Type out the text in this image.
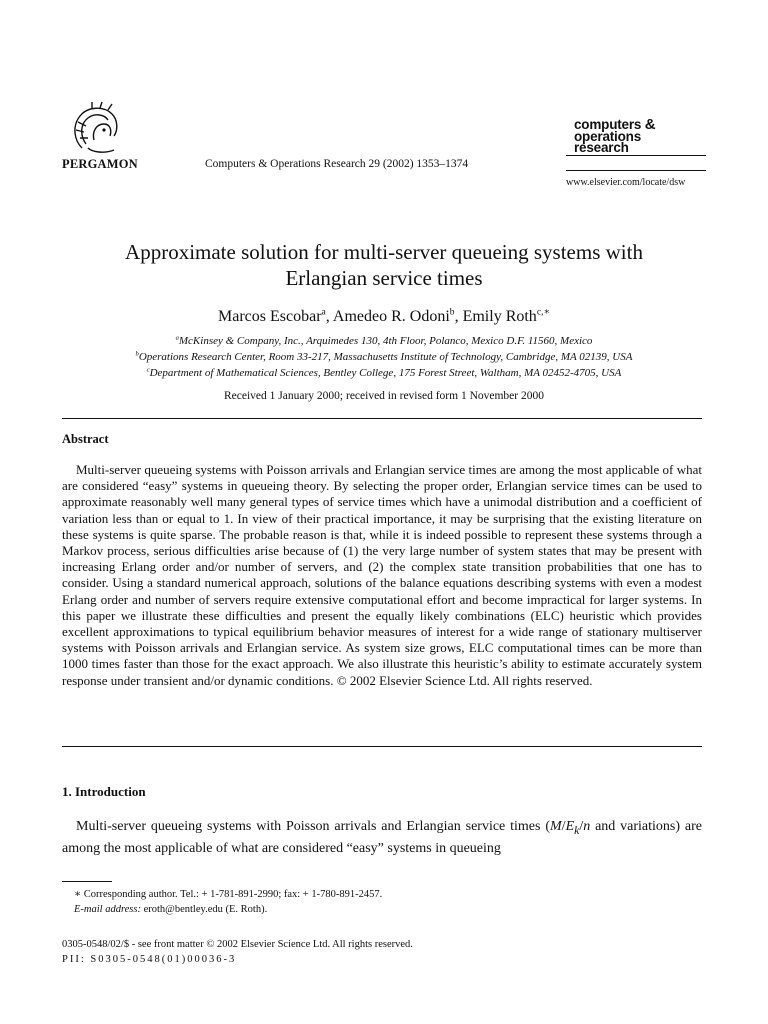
PERGAMON	Computers & Operations Research 29 (2002) 1353–1374
computers &
operations
research
www.elsevier.com/locate/dsw
Approximate solution for multi-server queueing systems with
Erlangian service times
Marcos Escobar$^a$, Amedeo R. Odoni$^b$, Emily Roth$^{c,∗}$
$^a$McKinsey & Company, Inc., Arquimedes 130, 4th Floor, Polanco, Mexico D.F. 11560, Mexico
$^b$Operations Research Center, Room 33-217, Massachusetts Institute of Technology, Cambridge, MA 02139, USA
$^c$Department of Mathematical Sciences, Bentley College, 175 Forest Street, Waltham, MA 02452-4705, USA
Received 1 January 2000; received in revised form 1 November 2000
Abstract
Multi-server queueing systems with Poisson arrivals and Erlangian service times are among the most applicable of what are considered “easy” systems in queueing theory. By selecting the proper order, Erlangian service times can be used to approximate reasonably well many general types of service times which have a unimodal distribution and a coefficient of variation less than or equal to 1. In view of their practical importance, it may be surprising that the existing literature on these systems is quite sparse. The probable reason is that, while it is indeed possible to represent these systems through a Markov process, serious difficulties arise because of (1) the very large number of system states that may be present with increasing Erlang order and/or number of servers, and (2) the complex state transition probabilities that one has to consider. Using a standard numerical approach, solutions of the balance equations describing systems with even a modest Erlang order and number of servers require extensive computational effort and become impractical for larger systems. In this paper we illustrate these difficulties and present the equally likely combinations (ELC) heuristic which provides excellent approximations to typical equilibrium behavior measures of interest for a wide range of stationary multiserver systems with Poisson arrivals and Erlangian service. As system size grows, ELC computational times can be more than 1000 times faster than those for the exact approach. We also illustrate this heuristic’s ability to estimate accurately system response under transient and/or dynamic conditions. © 2002 Elsevier Science Ltd. All rights reserved.
1. Introduction
Multi-server queueing systems with Poisson arrivals and Erlangian service times ($M/E_k/n$ and variations) are among the most applicable of what are considered “easy” systems in queueing
∗ Corresponding author. Tel.: + 1-781-891-2990; fax: + 1-780-891-2457.
E-mail address: eroth@bentley.edu (E. Roth).
0305-0548/02/$ - see front matter © 2002 Elsevier Science Ltd. All rights reserved.
PII: S0305-0548(01)00036-3
